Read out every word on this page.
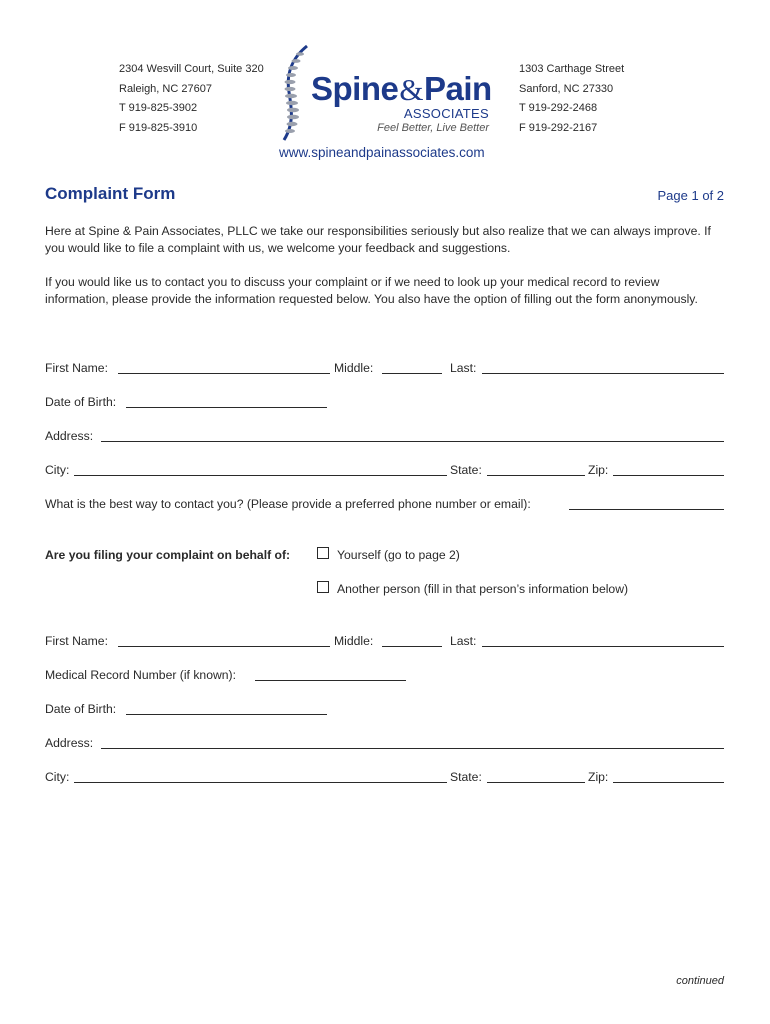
2304 Wesvill Court, Suite 320
Raleigh, NC 27607
T 919-825-3902
F 919-825-3910
1303 Carthage Street
Sanford, NC 27330
T 919-292-2468
F 919-292-2167
Spine&Pain
ASSOCIATES
Feel Better, Live Better
www.spineandpainassociates.com
Complaint Form	Page 1 of 2
Here at Spine & Pain Associates, PLLC we take our responsibilities seriously but also realize that we can always improve. If you would like to file a complaint with us, we welcome your feedback and suggestions.
If you would like us to contact you to discuss your complaint or if we need to look up your medical record to review information, please provide the information requested below. You also have the option of filling out the form anonymously.
First Name:	Middle:	Last:
Date of Birth:
Address:
City:	State:	Zip:
What is the best way to contact you? (Please provide a preferred phone number or email):
Are you filing your complaint on behalf of:	Yourself (go to page 2)
Another person (fill in that person’s information below)
First Name:	Middle:	Last:
Medical Record Number (if known):
Date of Birth:
Address:
City:	State:	Zip:
continued
